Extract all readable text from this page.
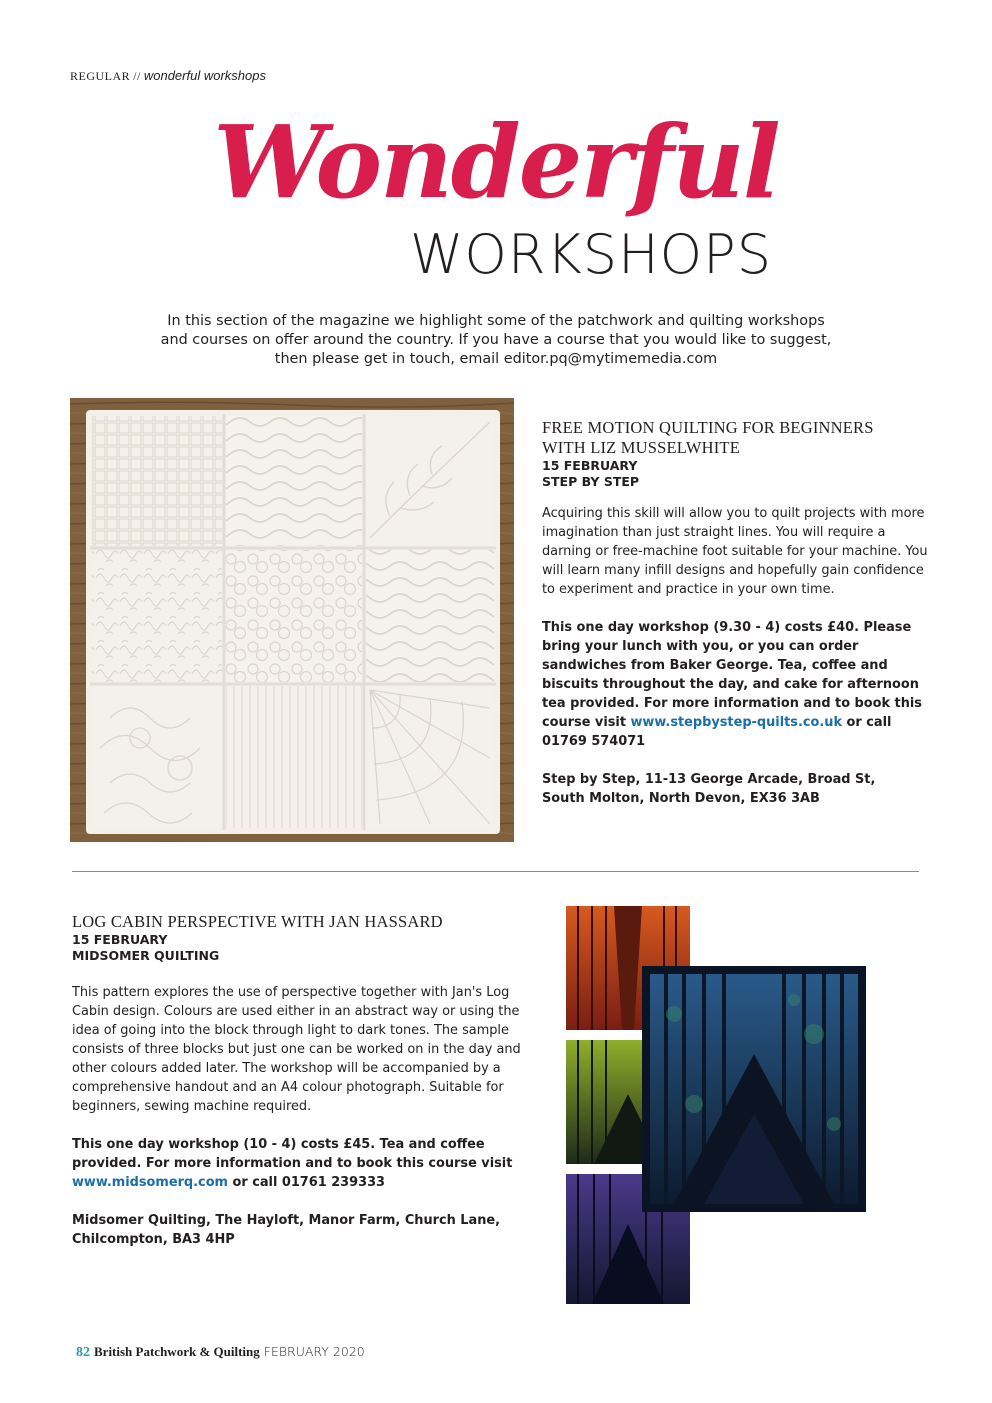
REGULAR // wonderful workshops
Wonderful
WORKSHOPS
In this section of the magazine we highlight some of the patchwork and quilting workshops
and courses on offer around the country. If you have a course that you would like to suggest,
then please get in touch, email editor.pq@mytimemedia.com
FREE MOTION QUILTING FOR BEGINNERS
WITH LIZ MUSSELWHITE
15 FEBRUARY
STEP BY STEP

Acquiring this skill will allow you to quilt projects with more imagination than just straight lines. You will require a darning or free-machine foot suitable for your machine. You will learn many infill designs and hopefully gain confidence to experiment and practice in your own time.

This one day workshop (9.30 - 4) costs £40. Please bring your lunch with you, or you can order sandwiches from Baker George. Tea, coffee and biscuits throughout the day, and cake for afternoon tea provided. For more information and to book this course visit www.stepbystep-quilts.co.uk or call 01769 574071

Step by Step, 11-13 George Arcade, Broad St,
South Molton, North Devon, EX36 3AB

LOG CABIN PERSPECTIVE WITH JAN HASSARD
15 FEBRUARY
MIDSOMER QUILTING

This pattern explores the use of perspective together with Jan's Log Cabin design. Colours are used either in an abstract way or using the idea of going into the block through light to dark tones. The sample consists of three blocks but just one can be worked on in the day and other colours added later. The workshop will be accompanied by a comprehensive handout and an A4 colour photograph. Suitable for beginners, sewing machine required.

This one day workshop (10 - 4) costs £45. Tea and coffee provided. For more information and to book this course visit www.midsomerq.com or call 01761 239333

Midsomer Quilting, The Hayloft, Manor Farm, Church Lane,
Chilcompton, BA3 4HP

82 British Patchwork & Quilting FEBRUARY 2020
